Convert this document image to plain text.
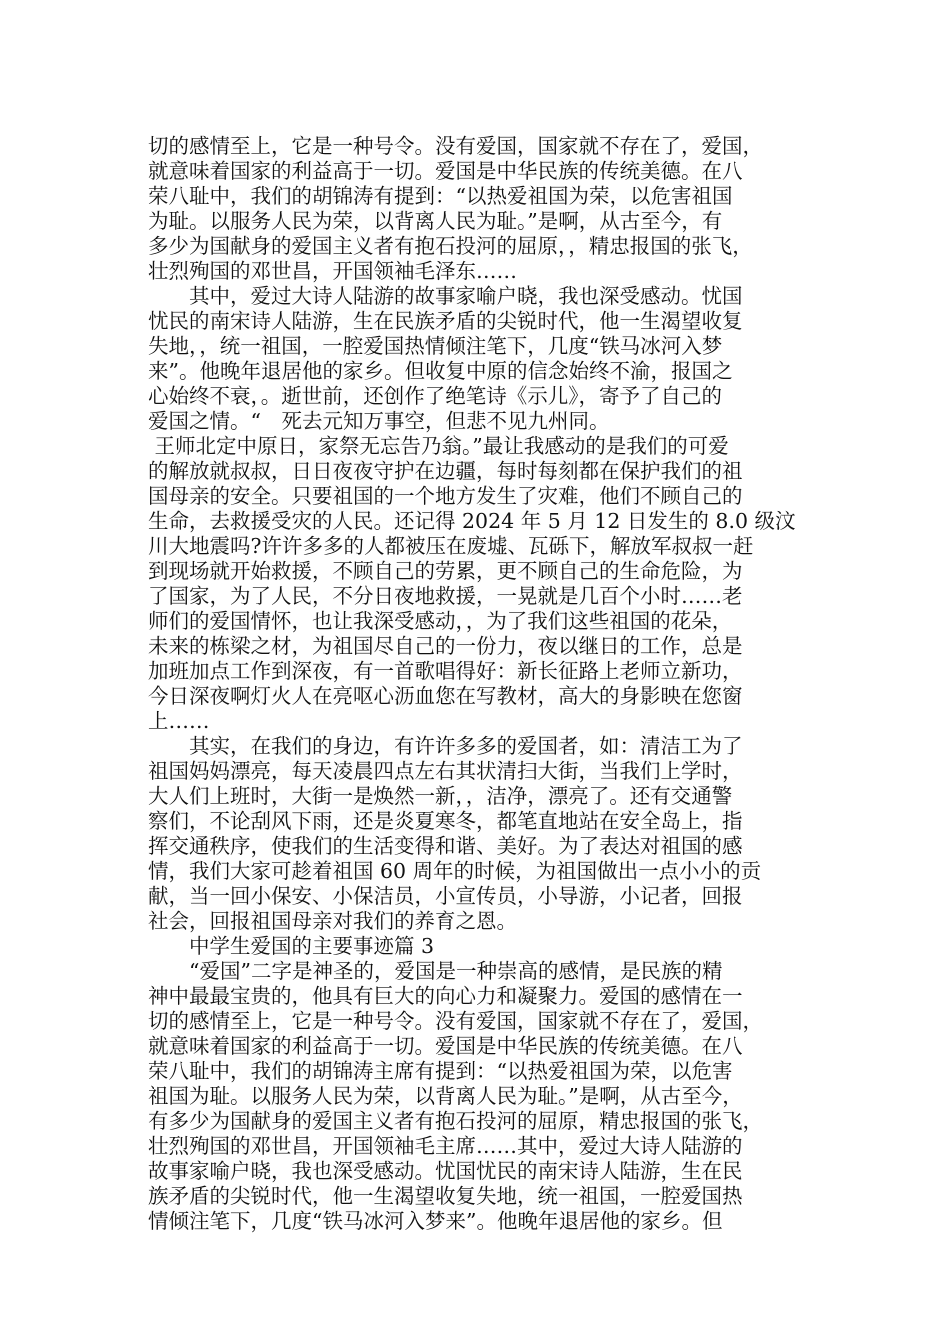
切的感情至上，它是一种号令。没有爱国，国家就不存在了，爱国，
就意味着国家的利益高于一切。爱国是中华民族的传统美德。在八
荣八耻中，我们的胡锦涛有提到：“以热爱祖国为荣，以危害祖国
为耻。以服务人民为荣，以背离人民为耻。”是啊，从古至今，有
多少为国献身的爱国主义者有抱石投河的屈原，，精忠报国的张飞，
壮烈殉国的邓世昌，开国领袖毛泽东……
　　其中，爱过大诗人陆游的故事家喻户晓，我也深受感动。忧国
忧民的南宋诗人陆游，生在民族矛盾的尖锐时代，他一生渴望收复
失地，，统一祖国，一腔爱国热情倾注笔下，几度“铁马冰河入梦
来”。他晚年退居他的家乡。但收复中原的信念始终不渝，报国之
心始终不衰，。逝世前，还创作了绝笔诗《示儿》，寄予了自己的
爱国之情。“　死去元知万事空，但悲不见九州同。
王师北定中原日，家祭无忘告乃翁。”最让我感动的是我们的可爱
的解放就叔叔，日日夜夜守护在边疆，每时每刻都在保护我们的祖
国母亲的安全。只要祖国的一个地方发生了灾难，他们不顾自己的
生命，去救援受灾的人民。还记得 2024 年 5 月 12 日发生的 8.0 级汶
川大地震吗?许许多多的人都被压在废墟、瓦砾下，解放军叔叔一赶
到现场就开始救援，不顾自己的劳累，更不顾自己的生命危险，为
了国家，为了人民，不分日夜地救援，一晃就是几百个小时……老
师们的爱国情怀，也让我深受感动，，为了我们这些祖国的花朵，
未来的栋梁之材，为祖国尽自己的一份力，夜以继日的工作，总是
加班加点工作到深夜，有一首歌唱得好：新长征路上老师立新功，
今日深夜啊灯火人在亮呕心沥血您在写教材，高大的身影映在您窗
上……
　　其实，在我们的身边，有许许多多的爱国者，如：清洁工为了
祖国妈妈漂亮，每天凌晨四点左右其状清扫大街，当我们上学时，
大人们上班时，大街一是焕然一新，，洁净，漂亮了。还有交通警
察们，不论刮风下雨，还是炎夏寒冬，都笔直地站在安全岛上，指
挥交通秩序，使我们的生活变得和谐、美好。为了表达对祖国的感
情，我们大家可趁着祖国 60 周年的时候，为祖国做出一点小小的贡
献，当一回小保安、小保洁员，小宣传员，小导游，小记者，回报
社会，回报祖国母亲对我们的养育之恩。
　　中学生爱国的主要事迹篇 3
　　“爱国”二字是神圣的，爱国是一种崇高的感情，是民族的精
神中最最宝贵的，他具有巨大的向心力和凝聚力。爱国的感情在一
切的感情至上，它是一种号令。没有爱国，国家就不存在了，爱国，
就意味着国家的利益高于一切。爱国是中华民族的传统美德。在八
荣八耻中，我们的胡锦涛主席有提到：“以热爱祖国为荣，以危害
祖国为耻。以服务人民为荣，以背离人民为耻。”是啊，从古至今，
有多少为国献身的爱国主义者有抱石投河的屈原，精忠报国的张飞，
壮烈殉国的邓世昌，开国领袖毛主席……其中，爱过大诗人陆游的
故事家喻户晓，我也深受感动。忧国忧民的南宋诗人陆游，生在民
族矛盾的尖锐时代，他一生渴望收复失地，统一祖国，一腔爱国热
情倾注笔下，几度“铁马冰河入梦来”。他晚年退居他的家乡。但
